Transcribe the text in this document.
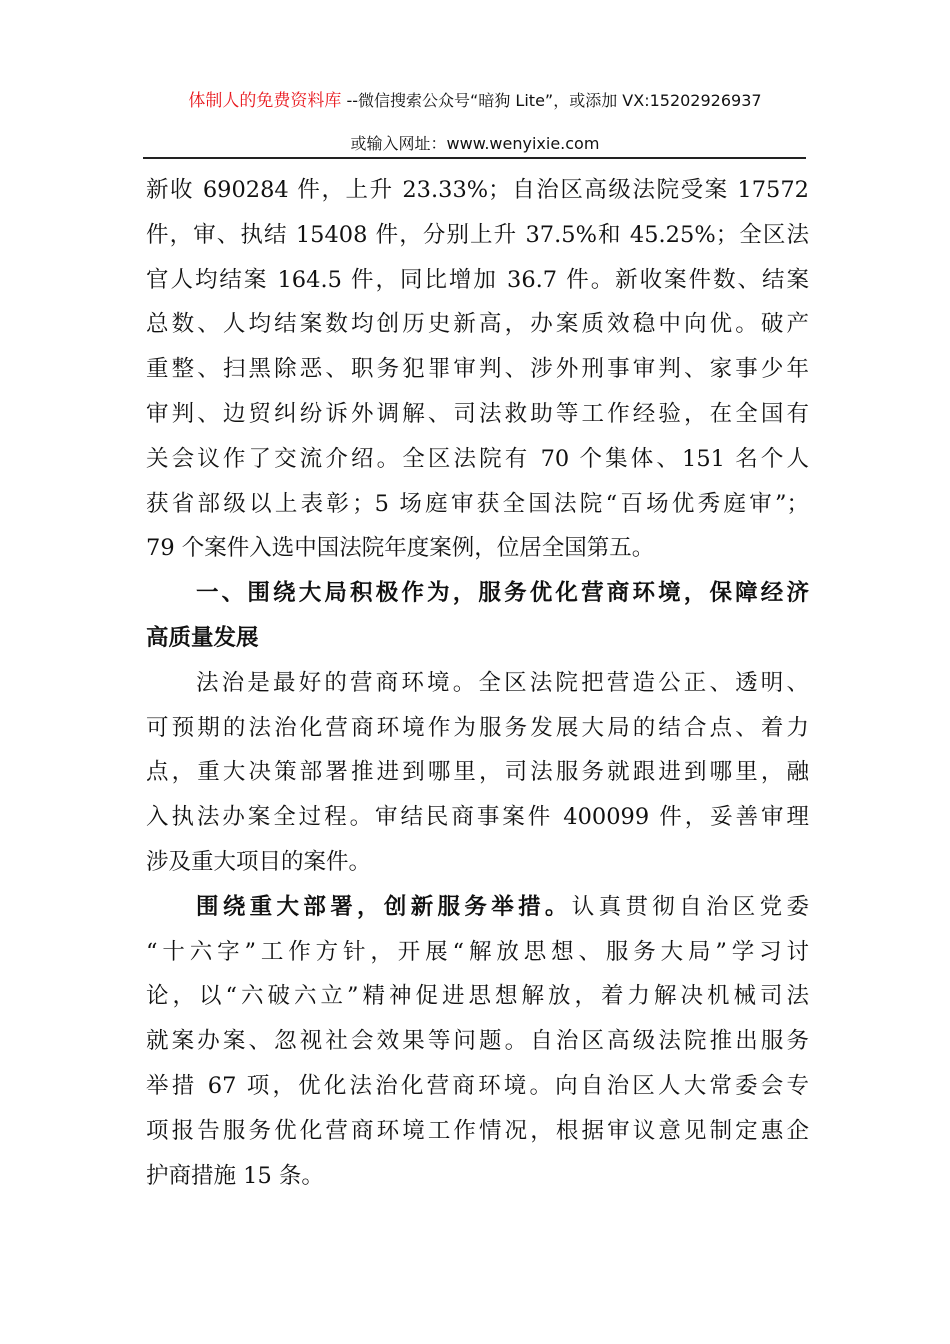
体制人的免费资料库 --微信搜索公众号“暗狗 Lite”，或添加 VX:15202926937
或输入网址：www.wenyixie.com
新收 690284 件，上升 23.33%；自治区高级法院受案 17572
件，审、执结 15408 件，分别上升 37.5%和 45.25%；全区法
官人均结案 164.5 件，同比增加 36.7 件。新收案件数、结案
总数、人均结案数均创历史新高，办案质效稳中向优。破产
重整、扫黑除恶、职务犯罪审判、涉外刑事审判、家事少年
审判、边贸纠纷诉外调解、司法救助等工作经验，在全国有
关会议作了交流介绍。全区法院有 70 个集体、151 名个人
获省部级以上表彰；5 场庭审获全国法院“百场优秀庭审”；
79 个案件入选中国法院年度案例，位居全国第五。
一、围绕大局积极作为，服务优化营商环境，保障经济
高质量发展
法治是最好的营商环境。全区法院把营造公正、透明、
可预期的法治化营商环境作为服务发展大局的结合点、着力
点，重大决策部署推进到哪里，司法服务就跟进到哪里，融
入执法办案全过程。审结民商事案件 400099 件，妥善审理
涉及重大项目的案件。
围绕重大部署，创新服务举措。认真贯彻自治区党委
“十六字”工作方针，开展“解放思想、服务大局”学习讨
论，以“六破六立”精神促进思想解放，着力解决机械司法
就案办案、忽视社会效果等问题。自治区高级法院推出服务
举措 67 项，优化法治化营商环境。向自治区人大常委会专
项报告服务优化营商环境工作情况，根据审议意见制定惠企
护商措施 15 条。
